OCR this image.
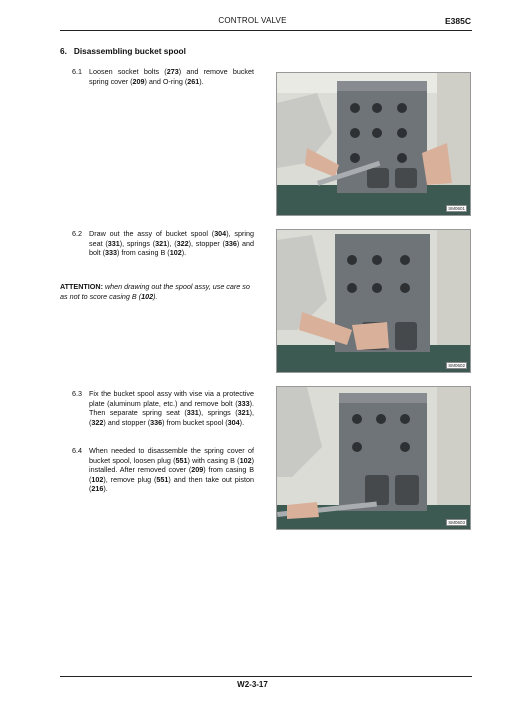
CONTROL VALVE	E385C
6. Disassembling bucket spool
6.1 Loosen socket bolts (273) and remove bucket spring cover (209) and O-ring (261).
6.2 Draw out the assy of bucket spool (304), spring seat (331), springs (321), (322), stopper (336) and bolt (333) from casing B (102).
ATTENTION: when drawing out the spool assy, use care so as not to score casing B (102).
6.3 Fix the bucket spool assy with vise via a protective plate (aluminum plate, etc.) and remove bolt (333). Then separate spring seat (331), springs (321), (322) and stopper (336) from bucket spool (304).
6.4 When needed to disassemble the spring cover of bucket spool, loosen plug (551) with casing B (102) installed. After removed cover (209) from casing B (102), remove plug (551) and then take out piston (216).
SM0601
SM0602
SM0603
W2-3-17
